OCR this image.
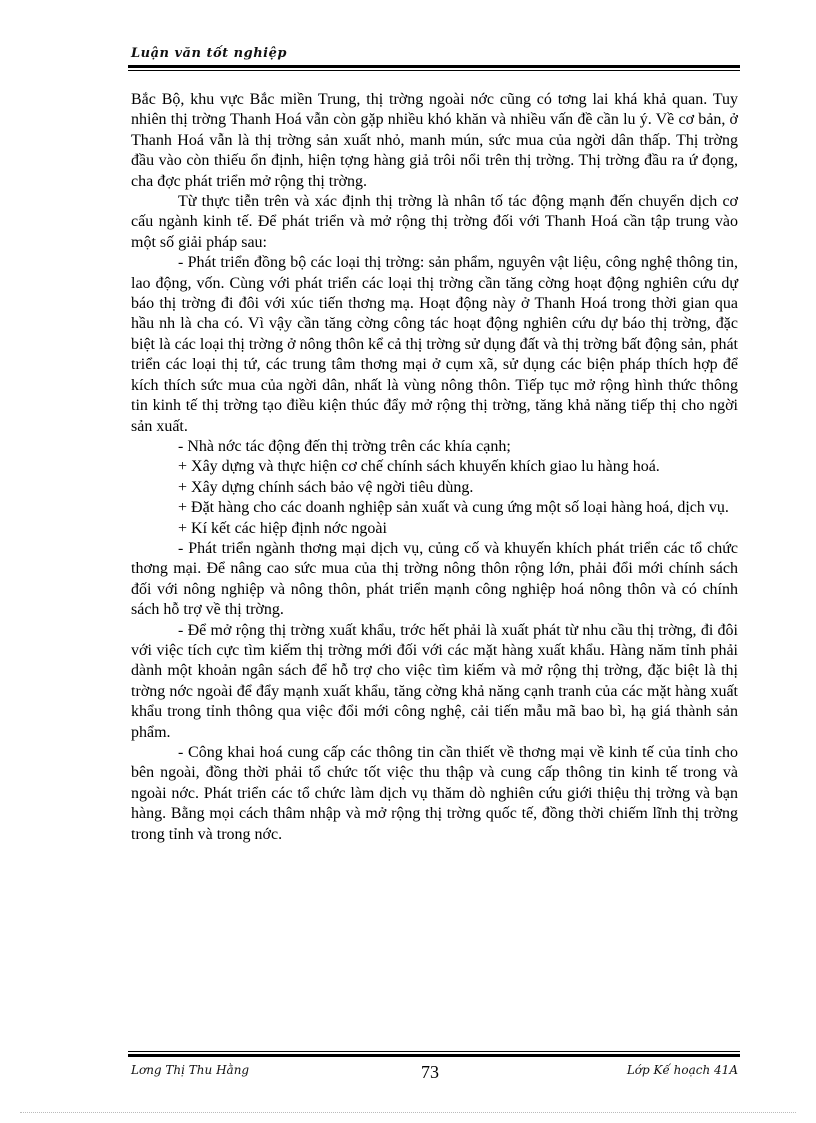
Luận văn tốt nghiệp

Bắc Bộ, khu vực Bắc miền Trung, thị trờng ngoài nớc cũng có tơng lai khá khả quan. Tuy nhiên thị trờng Thanh Hoá vẫn còn gặp nhiều khó khăn và nhiều vấn đề cần lu ý. Về cơ bản, ở Thanh Hoá vẫn là thị trờng sản xuất nhỏ, manh mún, sức mua của ngời dân thấp. Thị trờng đầu vào còn thiếu ổn định, hiện tợng hàng giả trôi nổi trên thị trờng. Thị trờng đầu ra ứ đọng, cha đợc phát triển mở rộng thị trờng.

Từ thực tiễn trên và xác định thị trờng là nhân tố tác động mạnh đến chuyển dịch cơ cấu ngành kinh tế. Để phát triển và mở rộng thị trờng đối với Thanh Hoá cần tập trung vào một số giải pháp sau:

- Phát triển đồng bộ các loại thị trờng: sản phẩm, nguyên vật liệu, công nghệ thông tin, lao động, vốn. Cùng với phát triển các loại thị trờng cần tăng cờng hoạt động nghiên cứu dự báo thị trờng đi đôi với xúc tiến thơng mạ. Hoạt động này ở Thanh Hoá trong thời gian qua hầu nh là cha có. Vì vậy cần tăng cờng công tác hoạt động nghiên cứu dự báo thị trờng, đặc biệt là các loại thị trờng ở nông thôn kể cả thị trờng sử dụng đất và thị trờng bất động sản, phát triển các loại thị tứ, các trung tâm thơng mại ở cụm xã, sử dụng các biện pháp thích hợp để kích thích sức mua của ngời dân, nhất là vùng nông thôn. Tiếp tục mở rộng hình thức thông tin kinh tế thị trờng tạo điều kiện thúc đẩy mở rộng thị trờng, tăng khả năng tiếp thị cho ngời sản xuất.

- Nhà nớc tác động đến thị trờng trên các khía cạnh;

+ Xây dựng và thực hiện cơ chế chính sách khuyến khích giao lu hàng hoá.

+ Xây dựng chính sách bảo vệ ngời tiêu dùng.

+ Đặt hàng cho các doanh nghiệp sản xuất và cung ứng một số loại hàng hoá, dịch vụ.

+ Kí kết các hiệp định nớc ngoài

- Phát triển ngành thơng mại dịch vụ, củng cố và khuyến khích phát triển các tổ chức thơng mại. Để nâng cao sức mua của thị trờng nông thôn rộng lớn, phải đổi mới chính sách đối với nông nghiệp và nông thôn, phát triển mạnh công nghiệp hoá nông thôn và có chính sách hỗ trợ về thị trờng.

- Để mở rộng thị trờng xuất khẩu, trớc hết phải là xuất phát từ nhu cầu thị trờng, đi đôi với việc tích cực tìm kiếm thị trờng mới đối với các mặt hàng xuất khẩu. Hàng năm tỉnh phải dành một khoản ngân sách để hỗ trợ cho việc tìm kiếm và mở rộng thị trờng, đặc biệt là thị trờng nớc ngoài để đẩy mạnh xuất khẩu, tăng cờng khả năng cạnh tranh của các mặt hàng xuất khẩu trong tỉnh thông qua việc đổi mới công nghệ, cải tiến mẫu mã bao bì, hạ giá thành sản phẩm.

- Công khai hoá cung cấp các thông tin cần thiết về thơng mại về kinh tế của tỉnh cho bên ngoài, đồng thời phải tổ chức tốt việc thu thập và cung cấp thông tin kinh tế trong và ngoài nớc. Phát triển các tổ chức làm dịch vụ thăm dò nghiên cứu giới thiệu thị trờng và bạn hàng. Bằng mọi cách thâm nhập và mở rộng thị trờng quốc tế, đồng thời chiếm lĩnh thị trờng trong tỉnh và trong nớc.

Lơng Thị Thu Hằng	73	Lớp Kế hoạch 41A
